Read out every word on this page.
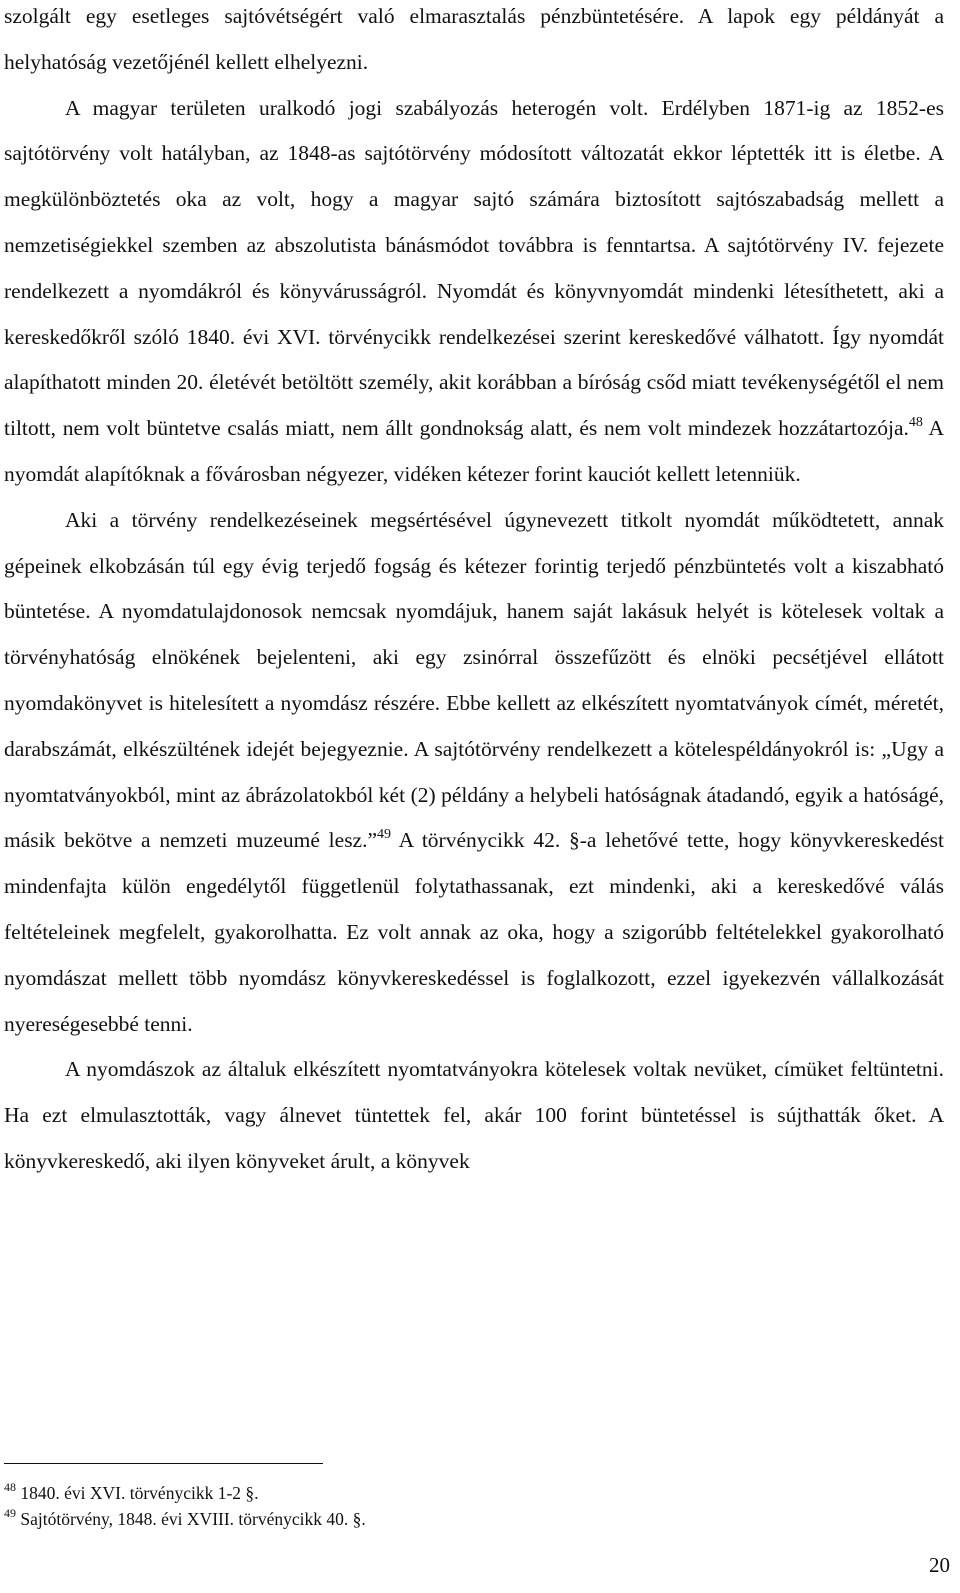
szolgált egy esetleges sajtóvétségért való elmarasztalás pénzbüntetésére. A lapok egy példányát a helyhatóság vezetőjénél kellett elhelyezni.

A magyar területen uralkodó jogi szabályozás heterogén volt. Erdélyben 1871-ig az 1852-es sajtótörvény volt hatályban, az 1848-as sajtótörvény módosított változatát ekkor léptették itt is életbe. A megkülönböztetés oka az volt, hogy a magyar sajtó számára biztosított sajtószabadság mellett a nemzetiségiekkel szemben az abszolutista bánásmódot továbbra is fenntartsa. A sajtótörvény IV. fejezete rendelkezett a nyomdákról és könyvárusságról. Nyomdát és könyvnyomdát mindenki létesíthetett, aki a kereskedőkről szóló 1840. évi XVI. törvénycikk rendelkezései szerint kereskedővé válhatott. Így nyomdát alapíthatott minden 20. életévét betöltött személy, akit korábban a bíróság csőd miatt tevékenységétől el nem tiltott, nem volt büntetve csalás miatt, nem állt gondnokság alatt, és nem volt mindezek hozzátartozója.$^{48}$ A nyomdát alapítóknak a fővárosban négyezer, vidéken kétezer forint kauciót kellett letenniük.

Aki a törvény rendelkezéseinek megsértésével úgynevezett titkolt nyomdát működtetett, annak gépeinek elkobzásán túl egy évig terjedő fogság és kétezer forintig terjedő pénzbüntetés volt a kiszabható büntetése. A nyomdatulajdonosok nemcsak nyomdájuk, hanem saját lakásuk helyét is kötelesek voltak a törvényhatóság elnökének bejelenteni, aki egy zsinórral összefűzött és elnöki pecsétjével ellátott nyomdakönyvet is hitelesített a nyomdász részére. Ebbe kellett az elkészített nyomtatványok címét, méretét, darabszámát, elkészültének idejét bejegyeznie. A sajtótörvény rendelkezett a kötelespéldányokról is: „Ugy a nyomtatványokból, mint az ábrázolatokból két (2) példány a helybeli hatóságnak átadandó, egyik a hatóságé, másik bekötve a nemzeti muzeumé lesz.”$^{49}$ A törvénycikk 42. §-a lehetővé tette, hogy könyvkereskedést mindenfajta külön engedélytől függetlenül folytathassanak, ezt mindenki, aki a kereskedővé válás feltételeinek megfelelt, gyakorolhatta. Ez volt annak az oka, hogy a szigorúbb feltételekkel gyakorolható nyomdászat mellett több nyomdász könyvkereskedéssel is foglalkozott, ezzel igyekezvén vállalkozását nyereségesebbé tenni.

A nyomdászok az általuk elkészített nyomtatványokra kötelesek voltak nevüket, címüket feltüntetni. Ha ezt elmulasztották, vagy álnevet tüntettek fel, akár 100 forint büntetéssel is sújthatták őket. A könyvkereskedő, aki ilyen könyveket árult, a könyvek

$^{48}$ 1840. évi XVI. törvénycikk 1-2 §.
$^{49}$ Sajtótörvény, 1848. évi XVIII. törvénycikk 40. §.
20
